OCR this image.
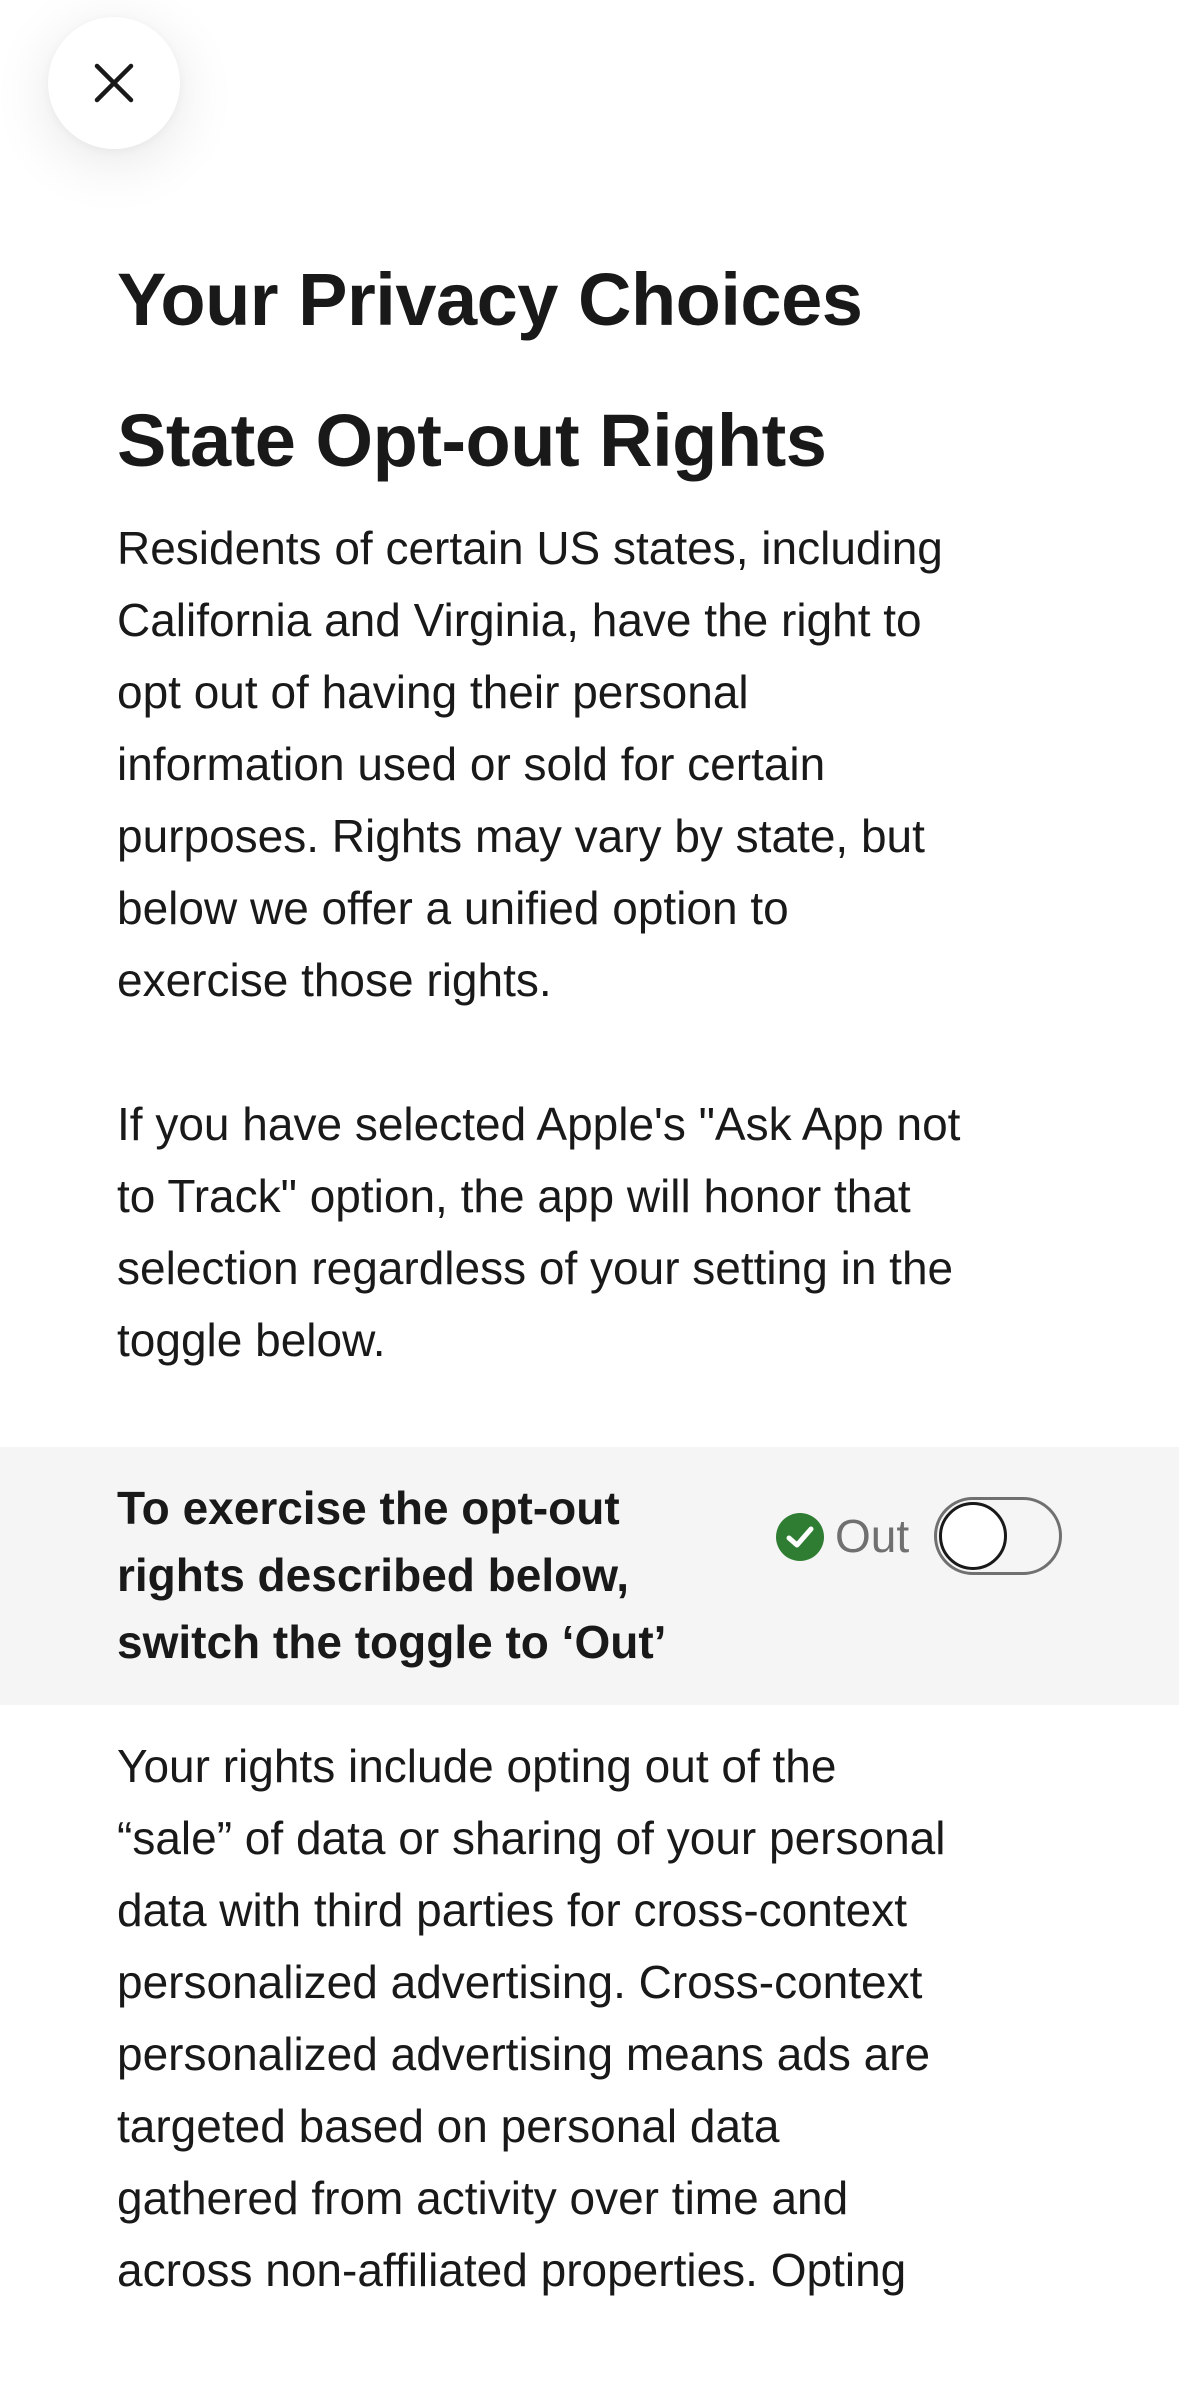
Your Privacy Choices
State Opt-out Rights

Residents of certain US states, including
California and Virginia, have the right to
opt out of having their personal
information used or sold for certain
purposes. Rights may vary by state, but
below we offer a unified option to
exercise those rights.

If you have selected Apple's "Ask App not
to Track" option, the app will honor that
selection regardless of your setting in the
toggle below.

To exercise the opt-out
rights described below,
switch the toggle to ‘Out’

Out

Your rights include opting out of the
“sale” of data or sharing of your personal
data with third parties for cross-context
personalized advertising. Cross-context
personalized advertising means ads are
targeted based on personal data
gathered from activity over time and
across non-affiliated properties. Opting
